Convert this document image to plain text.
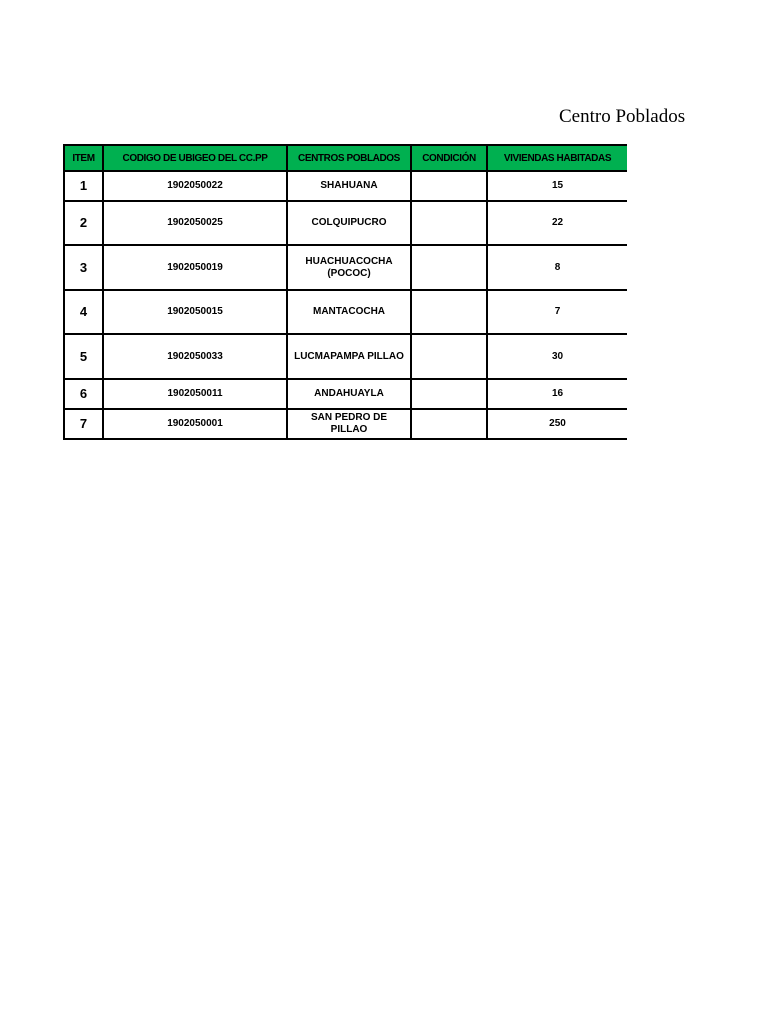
Centro Poblados
ITEM	CODIGO DE UBIGEO DEL CC.PP	CENTROS POBLADOS	CONDICIÓN	VIVIENDAS HABITADAS
1	1902050022	SHAHUANA		15
2	1902050025	COLQUIPUCRO		22
3	1902050019	HUACHUACOCHA (POCOC)		8
4	1902050015	MANTACOCHA		7
5	1902050033	LUCMAPAMPA PILLAO		30
6	1902050011	ANDAHUAYLA		16
7	1902050001	SAN PEDRO DE PILLAO		250
